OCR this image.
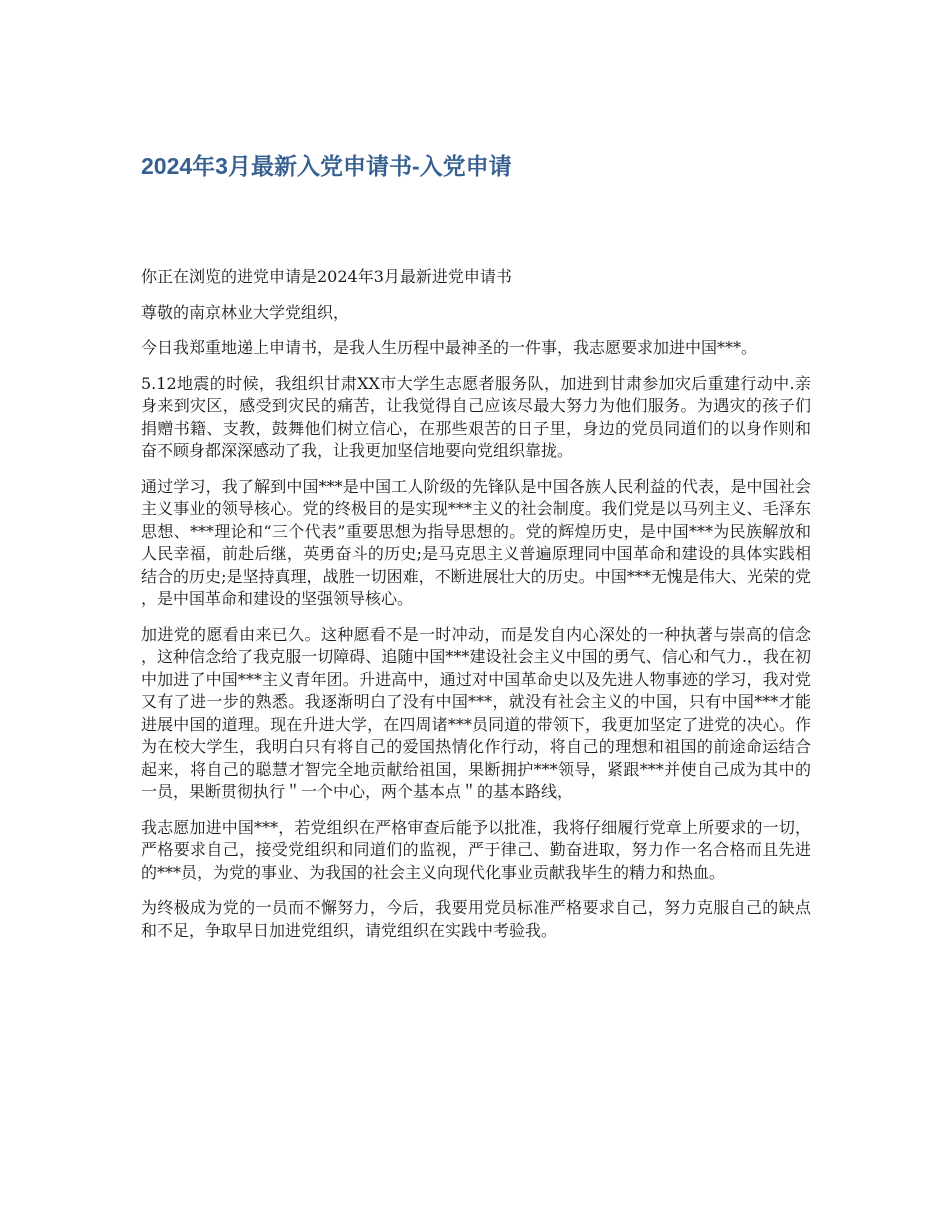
2024年3月最新入党申请书-入党申请

你正在浏览的进党申请是2024年3月最新进党申请书

尊敬的南京林业大学党组织，

今日我郑重地递上申请书，是我人生历程中最神圣的一件事，我志愿要求加进中国***。

5.12地震的时候，我组织甘肃XX市大学生志愿者服务队，加进到甘肃参加灾后重建行动中.亲身来到灾区，感受到灾民的痛苦，让我觉得自己应该尽最大努力为他们服务。为遇灾的孩子们捐赠书籍、支教，鼓舞他们树立信心，在那些艰苦的日子里，身边的党员同道们的以身作则和奋不顾身都深深感动了我，让我更加坚信地要向党组织靠拢。

通过学习，我了解到中国***是中国工人阶级的先锋队是中国各族人民利益的代表，是中国社会主义事业的领导核心。党的终极目的是实现***主义的社会制度。我们党是以马列主义、毛泽东思想、***理论和“三个代表”重要思想为指导思想的。党的辉煌历史，是中国***为民族解放和人民幸福，前赴后继，英勇奋斗的历史;是马克思主义普遍原理同中国革命和建设的具体实践相结合的历史;是坚持真理，战胜一切困难，不断进展壮大的历史。中国***无愧是伟大、光荣的党，是中国革命和建设的坚强领导核心。

加进党的愿看由来已久。这种愿看不是一时冲动，而是发自内心深处的一种执著与崇高的信念，这种信念给了我克服一切障碍、追随中国***建设社会主义中国的勇气、信心和气力.，我在初中加进了中国***主义青年团。升进高中，通过对中国革命史以及先进人物事迹的学习，我对党又有了进一步的熟悉。我逐渐明白了没有中国***，就没有社会主义的中国，只有中国***才能进展中国的道理。现在升进大学，在四周诸***员同道的带领下，我更加坚定了进党的决心。作为在校大学生，我明白只有将自己的爱国热情化作行动，将自己的理想和祖国的前途命运结合起来，将自己的聪慧才智完全地贡献给祖国，果断拥护***领导，紧跟***并使自己成为其中的一员，果断贯彻执行＂一个中心，两个基本点＂的基本路线，

我志愿加进中国***，若党组织在严格审查后能予以批准，我将仔细履行党章上所要求的一切，严格要求自己，接受党组织和同道们的监视，严于律己、勤奋进取，努力作一名合格而且先进的***员，为党的事业、为我国的社会主义向现代化事业贡献我毕生的精力和热血。

为终极成为党的一员而不懈努力，今后，我要用党员标准严格要求自己，努力克服自己的缺点和不足，争取早日加进党组织，请党组织在实践中考验我。
